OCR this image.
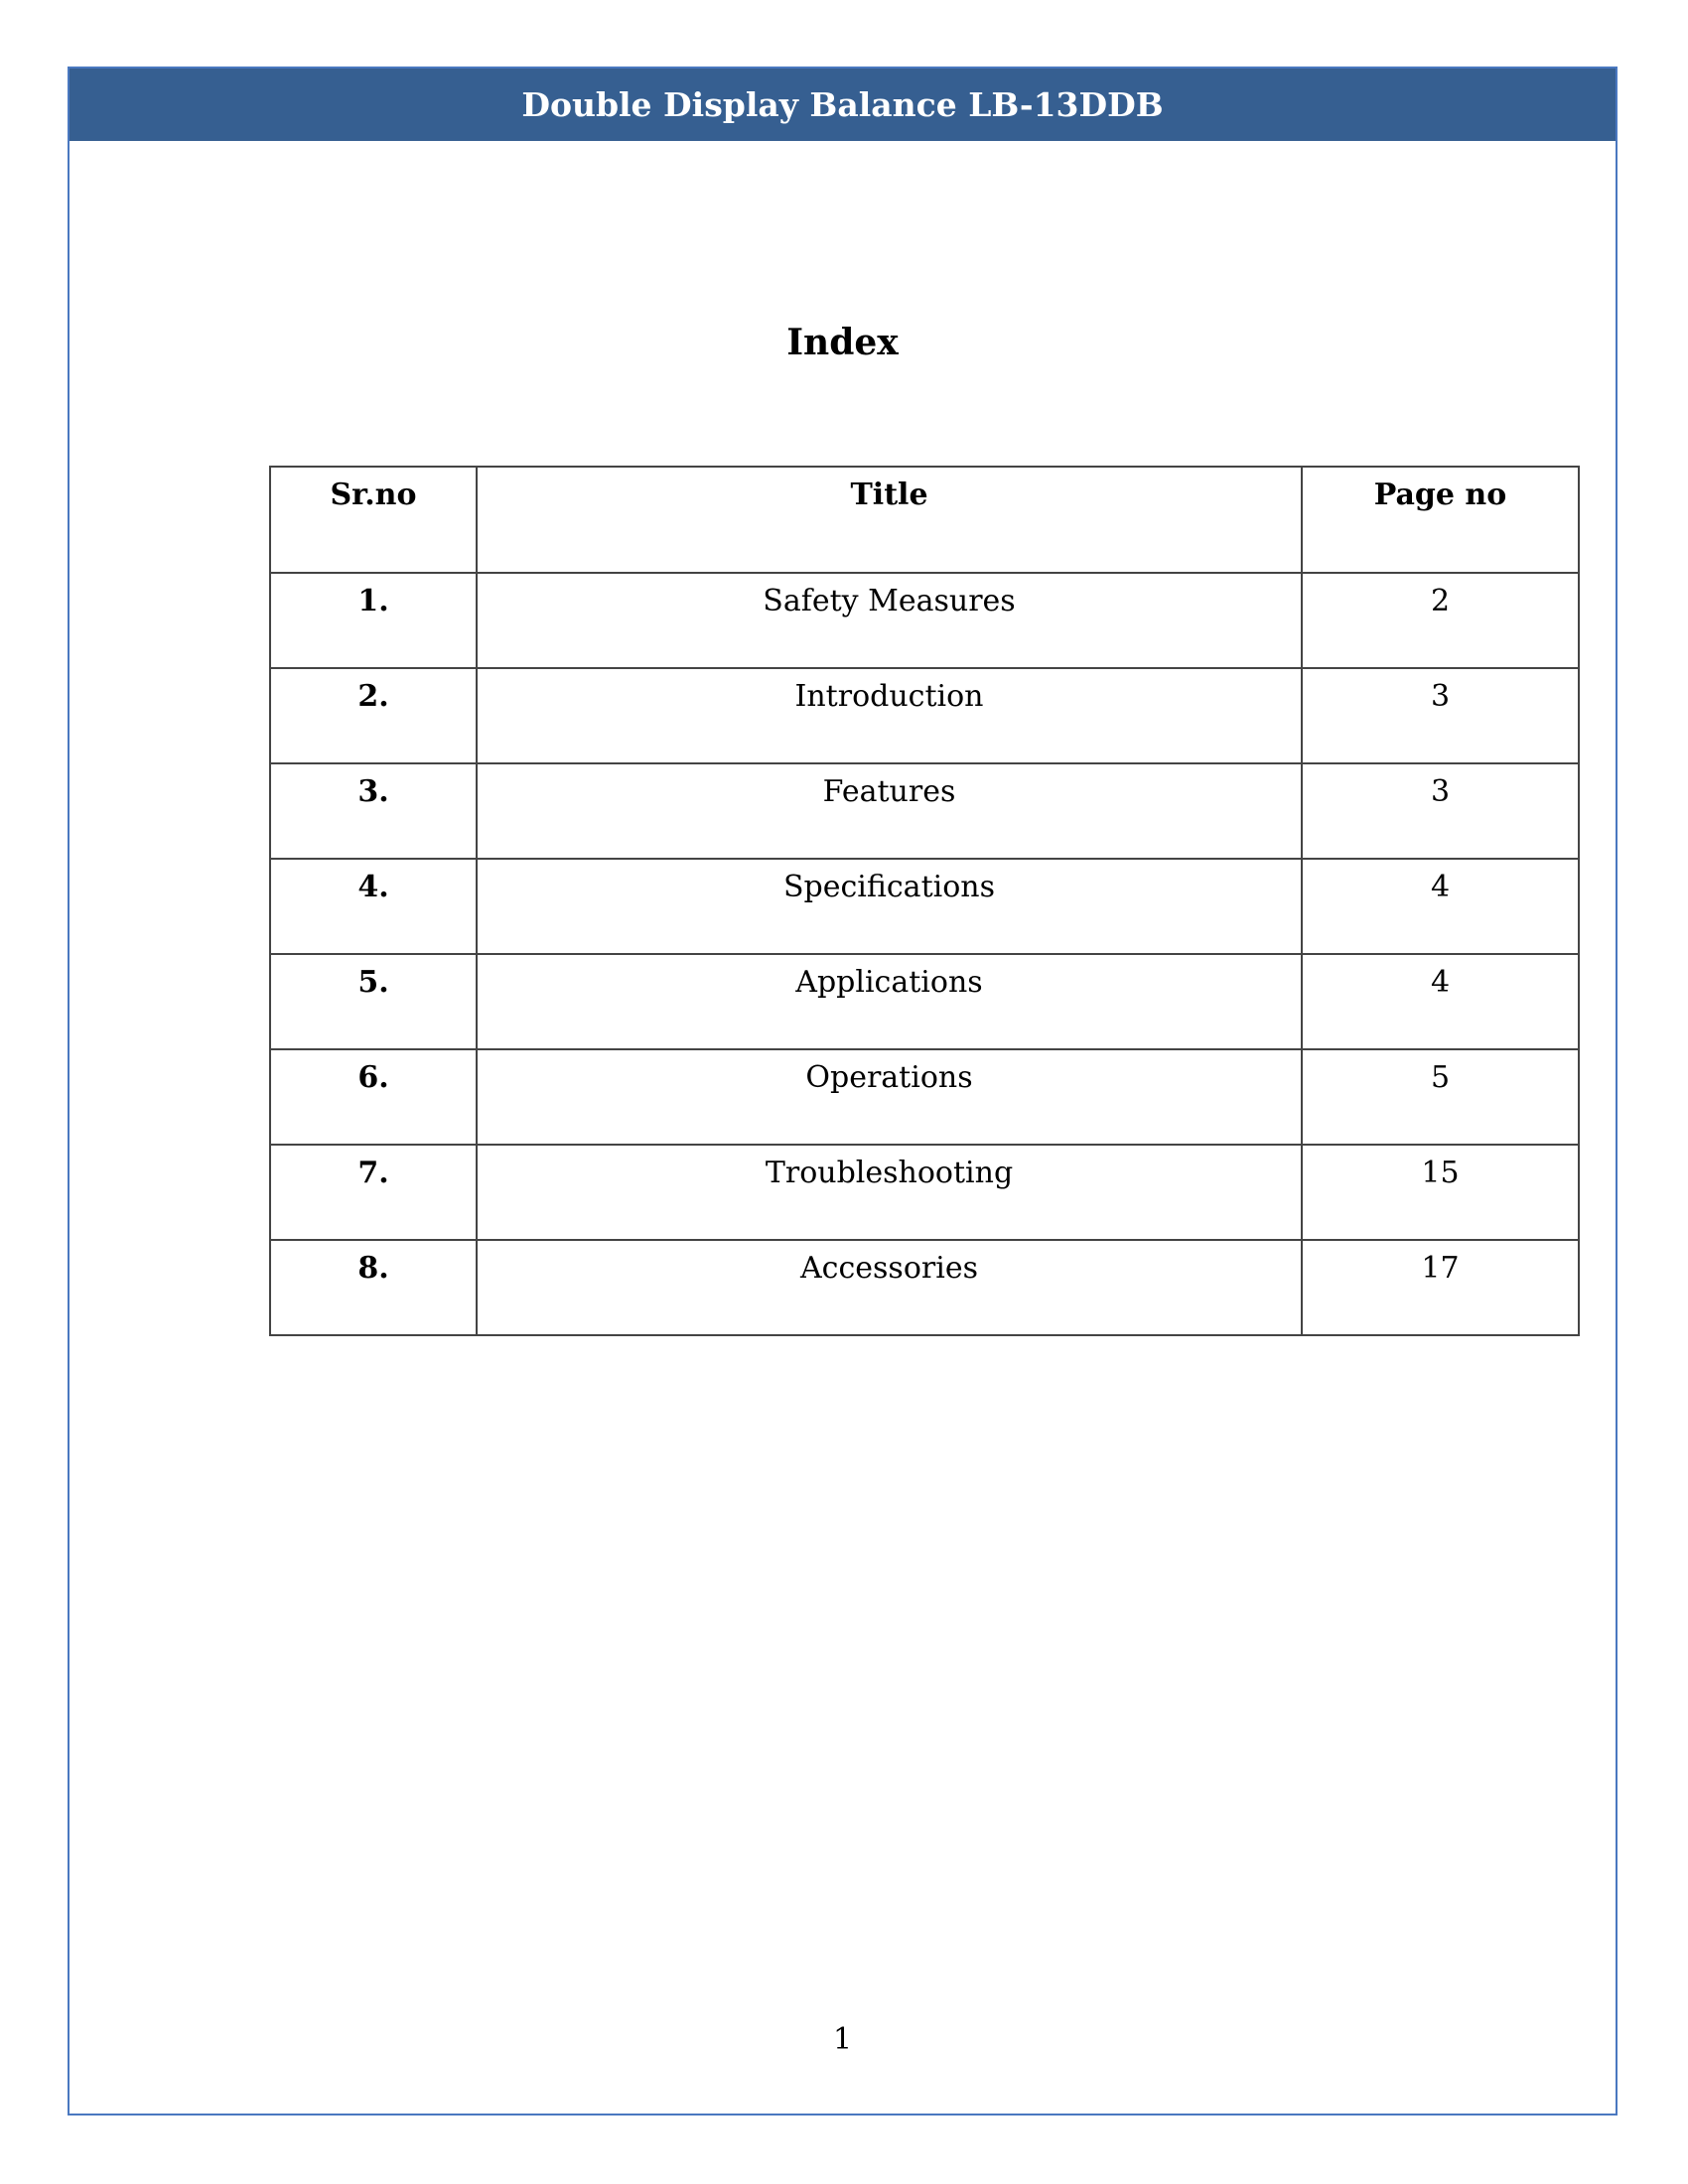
Double Display Balance LB-13DDB
Index
Sr.no	Title	Page no
1.	Safety Measures	2
2.	Introduction	3
3.	Features	3
4.	Specifications	4
5.	Applications	4
6.	Operations	5
7.	Troubleshooting	15
8.	Accessories	17
1
